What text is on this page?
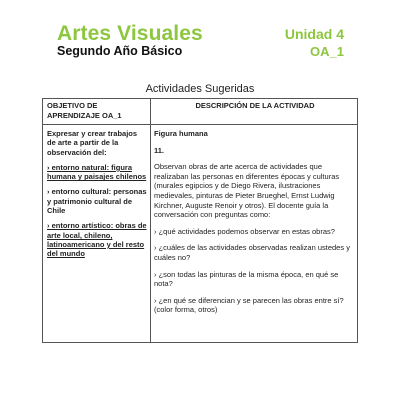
Artes Visuales	Unidad 4
Segundo Año Básico	OA_1
Actividades Sugeridas
OBJETIVO DE APRENDIZAJE OA_1
DESCRIPCIÓN DE LA ACTIVIDAD

Expresar y crear trabajos de arte a partir de la observación del:

› entorno natural: figura humana y paisajes chilenos

› entorno cultural: personas y patrimonio cultural de Chile

› entorno artístico: obras de arte local, chileno, latinoamericano y del resto del mundo

Figura humana

11.

Observan obras de arte acerca de actividades que realizaban las personas en diferentes épocas y culturas (murales egipcios y de Diego Rivera, ilustraciones medievales, pinturas de Pieter Brueghel, Ernst Ludwig Kirchner, Auguste Renoir y otros). El docente guía la conversación con preguntas como:

› ¿qué actividades podemos observar en estas obras?

› ¿cuáles de las actividades observadas realizan ustedes y cuáles no?

› ¿son todas las pinturas de la misma época, en qué se nota?

› ¿en qué se diferencian y se parecen las obras entre sí? (color forma, otros)
